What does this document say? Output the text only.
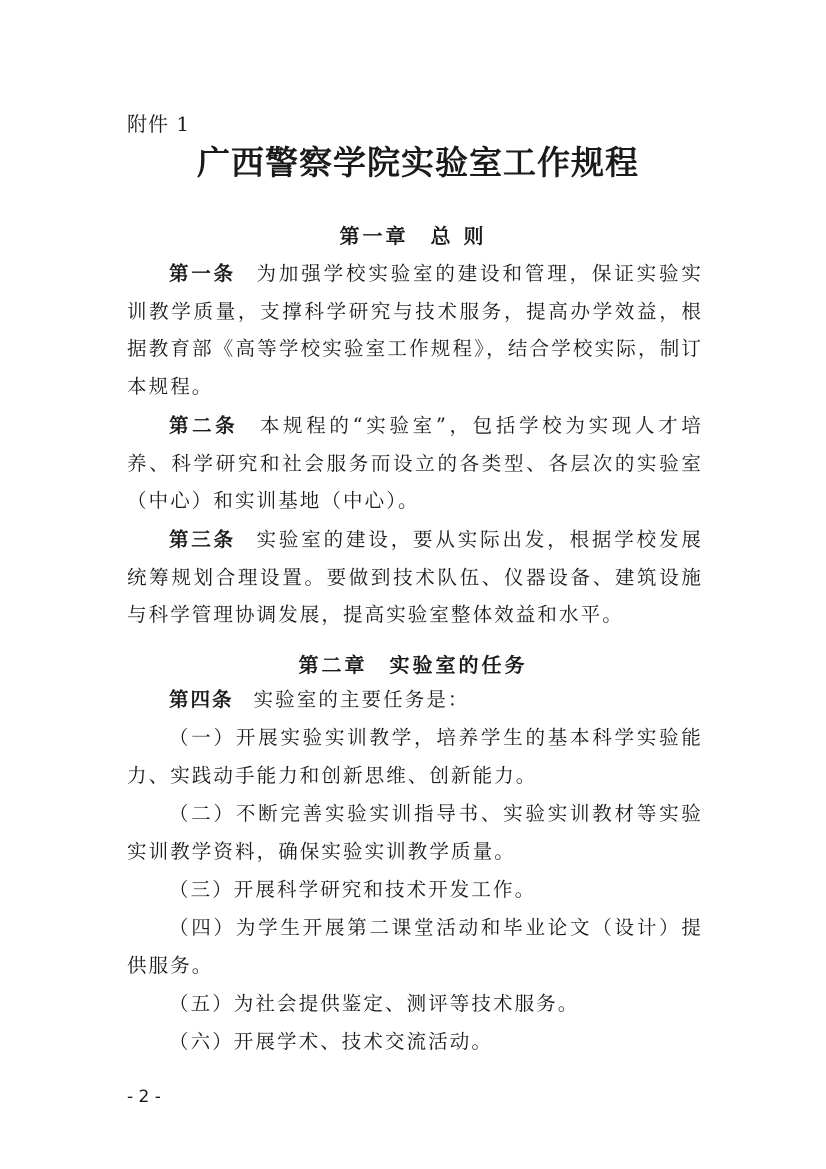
附件 1
广西警察学院实验室工作规程
第一章 总 则
第一条 为加强学校实验室的建设和管理，保证实验实训教学质量，支撑科学研究与技术服务，提高办学效益，根据教育部《高等学校实验室工作规程》，结合学校实际，制订本规程。
第二条 本规程的“实验室”，包括学校为实现人才培养、科学研究和社会服务而设立的各类型、各层次的实验室（中心）和实训基地（中心）。
第三条 实验室的建设，要从实际出发，根据学校发展统筹规划合理设置。要做到技术队伍、仪器设备、建筑设施与科学管理协调发展，提高实验室整体效益和水平。
第二章 实验室的任务
第四条 实验室的主要任务是：
（一）开展实验实训教学，培养学生的基本科学实验能力、实践动手能力和创新思维、创新能力。
（二）不断完善实验实训指导书、实验实训教材等实验实训教学资料，确保实验实训教学质量。
（三）开展科学研究和技术开发工作。
（四）为学生开展第二课堂活动和毕业论文（设计）提供服务。
（五）为社会提供鉴定、测评等技术服务。
（六）开展学术、技术交流活动。
- 2 -
